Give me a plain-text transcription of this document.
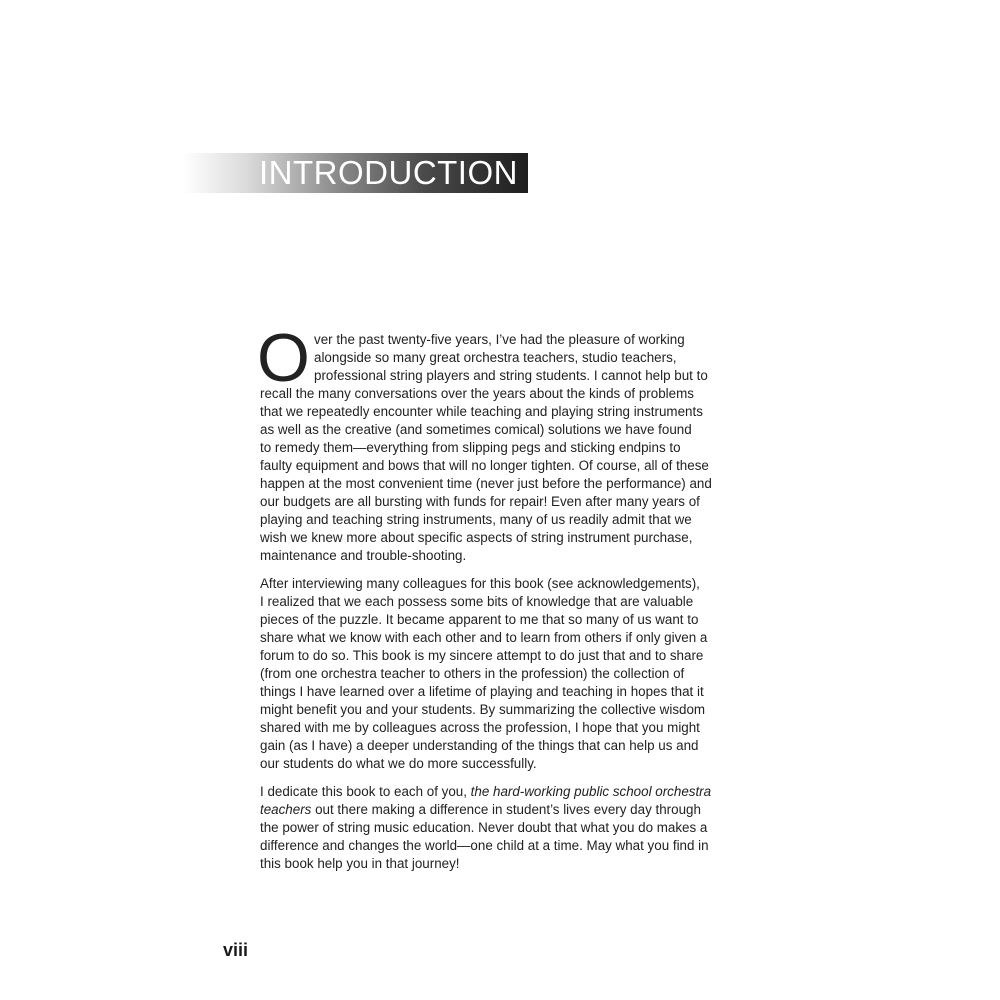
INTRODUCTION
O ver the past twenty-five years, I’ve had the pleasure of working
alongside so many great orchestra teachers, studio teachers,
professional string players and string students. I cannot help but to
recall the many conversations over the years about the kinds of problems
that we repeatedly encounter while teaching and playing string instruments
as well as the creative (and sometimes comical) solutions we have found
to remedy them—everything from slipping pegs and sticking endpins to
faulty equipment and bows that will no longer tighten. Of course, all of these
happen at the most convenient time (never just before the performance) and
our budgets are all bursting with funds for repair! Even after many years of
playing and teaching string instruments, many of us readily admit that we
wish we knew more about specific aspects of string instrument purchase,
maintenance and trouble-shooting.
After interviewing many colleagues for this book (see acknowledgements),
I realized that we each possess some bits of knowledge that are valuable
pieces of the puzzle. It became apparent to me that so many of us want to
share what we know with each other and to learn from others if only given a
forum to do so. This book is my sincere attempt to do just that and to share
(from one orchestra teacher to others in the profession) the collection of
things I have learned over a lifetime of playing and teaching in hopes that it
might benefit you and your students. By summarizing the collective wisdom
shared with me by colleagues across the profession, I hope that you might
gain (as I have) a deeper understanding of the things that can help us and
our students do what we do more successfully.
I dedicate this book to each of you, the hard-working public school orchestra
teachers out there making a difference in student’s lives every day through
the power of string music education. Never doubt that what you do makes a
difference and changes the world—one child at a time. May what you find in
this book help you in that journey!
viii
